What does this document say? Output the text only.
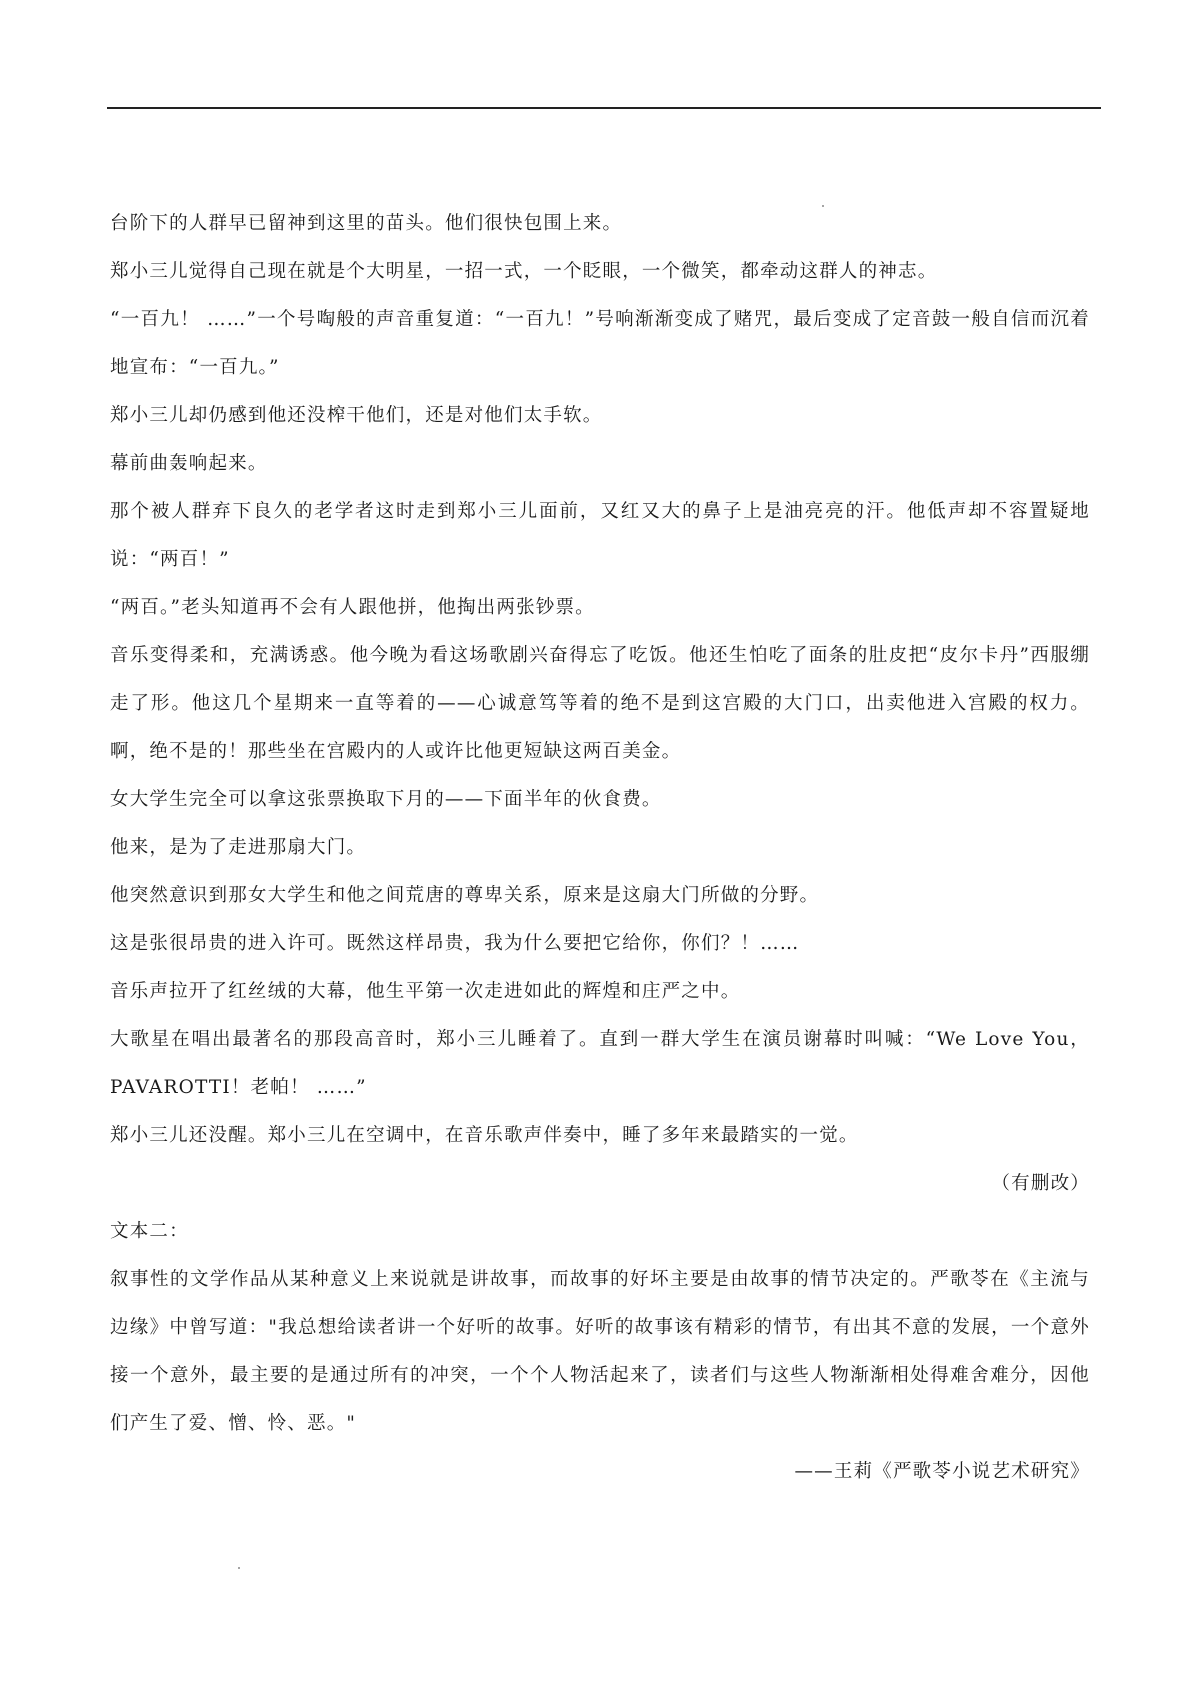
台阶下的人群早已留神到这里的苗头。他们很快包围上来。

郑小三儿觉得自己现在就是个大明星，一招一式，一个眨眼，一个微笑，都牵动这群人的神志。

“一百九！ ……”一个号啕般的声音重复道：“一百九！”号响渐渐变成了赌咒，最后变成了定音鼓一般自信而沉着地宣布：“一百九。”

郑小三儿却仍感到他还没榨干他们，还是对他们太手软。

幕前曲轰响起来。

那个被人群弃下良久的老学者这时走到郑小三儿面前，又红又大的鼻子上是油亮亮的汗。他低声却不容置疑地说：“两百！”

“两百。”老头知道再不会有人跟他拼，他掏出两张钞票。

音乐变得柔和，充满诱惑。他今晚为看这场歌剧兴奋得忘了吃饭。他还生怕吃了面条的肚皮把“皮尔卡丹”西服绷走了形。他这几个星期来一直等着的——心诚意笃等着的绝不是到这宫殿的大门口，出卖他进入宫殿的权力。啊，绝不是的！那些坐在宫殿内的人或许比他更短缺这两百美金。

女大学生完全可以拿这张票换取下月的——下面半年的伙食费。

他来，是为了走进那扇大门。

他突然意识到那女大学生和他之间荒唐的尊卑关系，原来是这扇大门所做的分野。

这是张很昂贵的进入许可。既然这样昂贵，我为什么要把它给你，你们？！……

音乐声拉开了红丝绒的大幕，他生平第一次走进如此的辉煌和庄严之中。

大歌星在唱出最著名的那段高音时，郑小三儿睡着了。直到一群大学生在演员谢幕时叫喊：“We Love You，PAVAROTTI！老帕！ ……”

郑小三儿还没醒。郑小三儿在空调中，在音乐歌声伴奏中，睡了多年来最踏实的一觉。

（有删改）

文本二：

叙事性的文学作品从某种意义上来说就是讲故事，而故事的好坏主要是由故事的情节决定的。严歌苓在《主流与边缘》中曾写道："我总想给读者讲一个好听的故事。好听的故事该有精彩的情节，有出其不意的发展，一个意外接一个意外，最主要的是通过所有的冲突，一个个人物活起来了，读者们与这些人物渐渐相处得难舍难分，因他们产生了爱、憎、怜、恶。"

——王莉《严歌苓小说艺术研究》
